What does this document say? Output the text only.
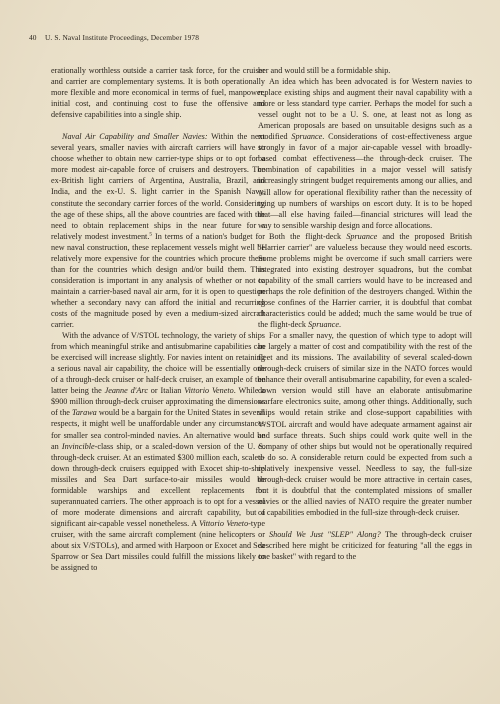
40 U. S. Naval Institute Proceedings, December 1978

erationally worthless outside a carrier task force, for the cruiser and carrier are complementary systems. It is both operationally more flexible and more economical in terms of fuel, manpower, initial cost, and continuing cost to fuse the offensive and defensive capabilities into a single ship.

Naval Air Capability and Smaller Navies: Within the next several years, smaller navies with aircraft carriers will have to choose whether to obtain new carrier-type ships or to opt for a more modest air-capable force of cruisers and destroyers. The ex-British light carriers of Argentina, Australia, Brazil, and India, and the ex-U. S. light carrier in the Spanish Navy, constitute the secondary carrier forces of the world. Considering the age of these ships, all the above countries are faced with the need to obtain replacement ships in the near future for a relatively modest investment.$^5$ In terms of a nation's budget for new naval construction, these replacement vessels might well be relatively more expensive for the countries which procure them than for the countries which design and/or build them. This consideration is important in any analysis of whether or not to maintain a carrier-based naval air arm, for it is open to question whether a secondary navy can afford the initial and recurring costs of the magnitude posed by even a medium-sized aircraft carrier.

With the advance of V/STOL technology, the variety of ships from which meaningful strike and antisubmarine capabilities can be exercised will increase slightly. For navies intent on retaining a serious naval air capability, the choice will be essentially one of a through-deck cruiser or half-deck cruiser, an example of the latter being the Jeanne d'Arc or Italian Vittorio Veneto. While a $900 million through-deck cruiser approximating the dimensions of the Tarawa would be a bargain for the United States in several respects, it might well be unaffordable under any circumstances for smaller sea control-minded navies. An alternative would be an Invincible-class ship, or a scaled-down version of the U. S. through-deck cruiser. At an estimated $300 million each, scaled-down through-deck cruisers equipped with Exocet ship-to-ship missiles and Sea Dart surface-to-air missiles would be formidable warships and excellent replacements for superannuated carriers. The other approach is to opt for a vessel of more moderate dimensions and aircraft capability, but a significant air-capable vessel nonetheless. A Vittorio Veneto-type cruiser, with the same aircraft complement (nine helicopters or about six V/STOLs), and armed with Harpoon or Exocet and Sea Sparrow or Sea Dart missiles could fulfill the missions likely to be assigned to

her and would still be a formidable ship.

An idea which has been advocated is for Western navies to replace existing ships and augment their naval capability with a more or less standard type carrier. Perhaps the model for such a vessel ought not to be a U. S. one, at least not as long as American proposals are based on unsuitable designs such as a modified Spruance. Considerations of cost-effectiveness argue strongly in favor of a major air-capable vessel with broadly-based combat effectiveness—the through-deck cruiser. The combination of capabilities in a major vessel will satisfy increasingly stringent budget requirements among our allies, and will allow for operational flexibility rather than the necessity of tying up numbers of warships on escort duty. It is to be hoped that—all else having failed—financial strictures will lead the way to sensible warship design and force allocations.

Both the flight-deck Spruance and the proposed British "Harrier carrier" are valueless because they would need escorts. Some problems might be overcome if such small carriers were integrated into existing destroyer squadrons, but the combat capability of the small carriers would have to be increased and perhaps the role definition of the destroyers changed. Within the close confines of the Harrier carrier, it is doubtful that combat characteristics could be added; much the same would be true of the flight-deck Spruance.

For a smaller navy, the question of which type to adopt will be largely a matter of cost and compatibility with the rest of the fleet and its missions. The availability of several scaled-down through-deck cruisers of similar size in the NATO forces would enhance their overall antisubmarine capability, for even a scaled-down version would still have an elaborate antisubmarine warfare electronics suite, among other things. Additionally, such ships would retain strike and close-support capabilities with V/STOL aircraft and would have adequate armament against air and surface threats. Such ships could work quite well in the company of other ships but would not be operationally required to do so. A considerable return could be expected from such a relatively inexpensive vessel. Needless to say, the full-size through-deck cruiser would be more attractive in certain cases, but it is doubtful that the contemplated missions of smaller navies or the allied navies of NATO require the greater number of capabilities embodied in the full-size through-deck cruiser.

Should We Just "SLEP" Along? The through-deck cruiser described here might be criticized for featuring "all the eggs in one basket" with regard to the
